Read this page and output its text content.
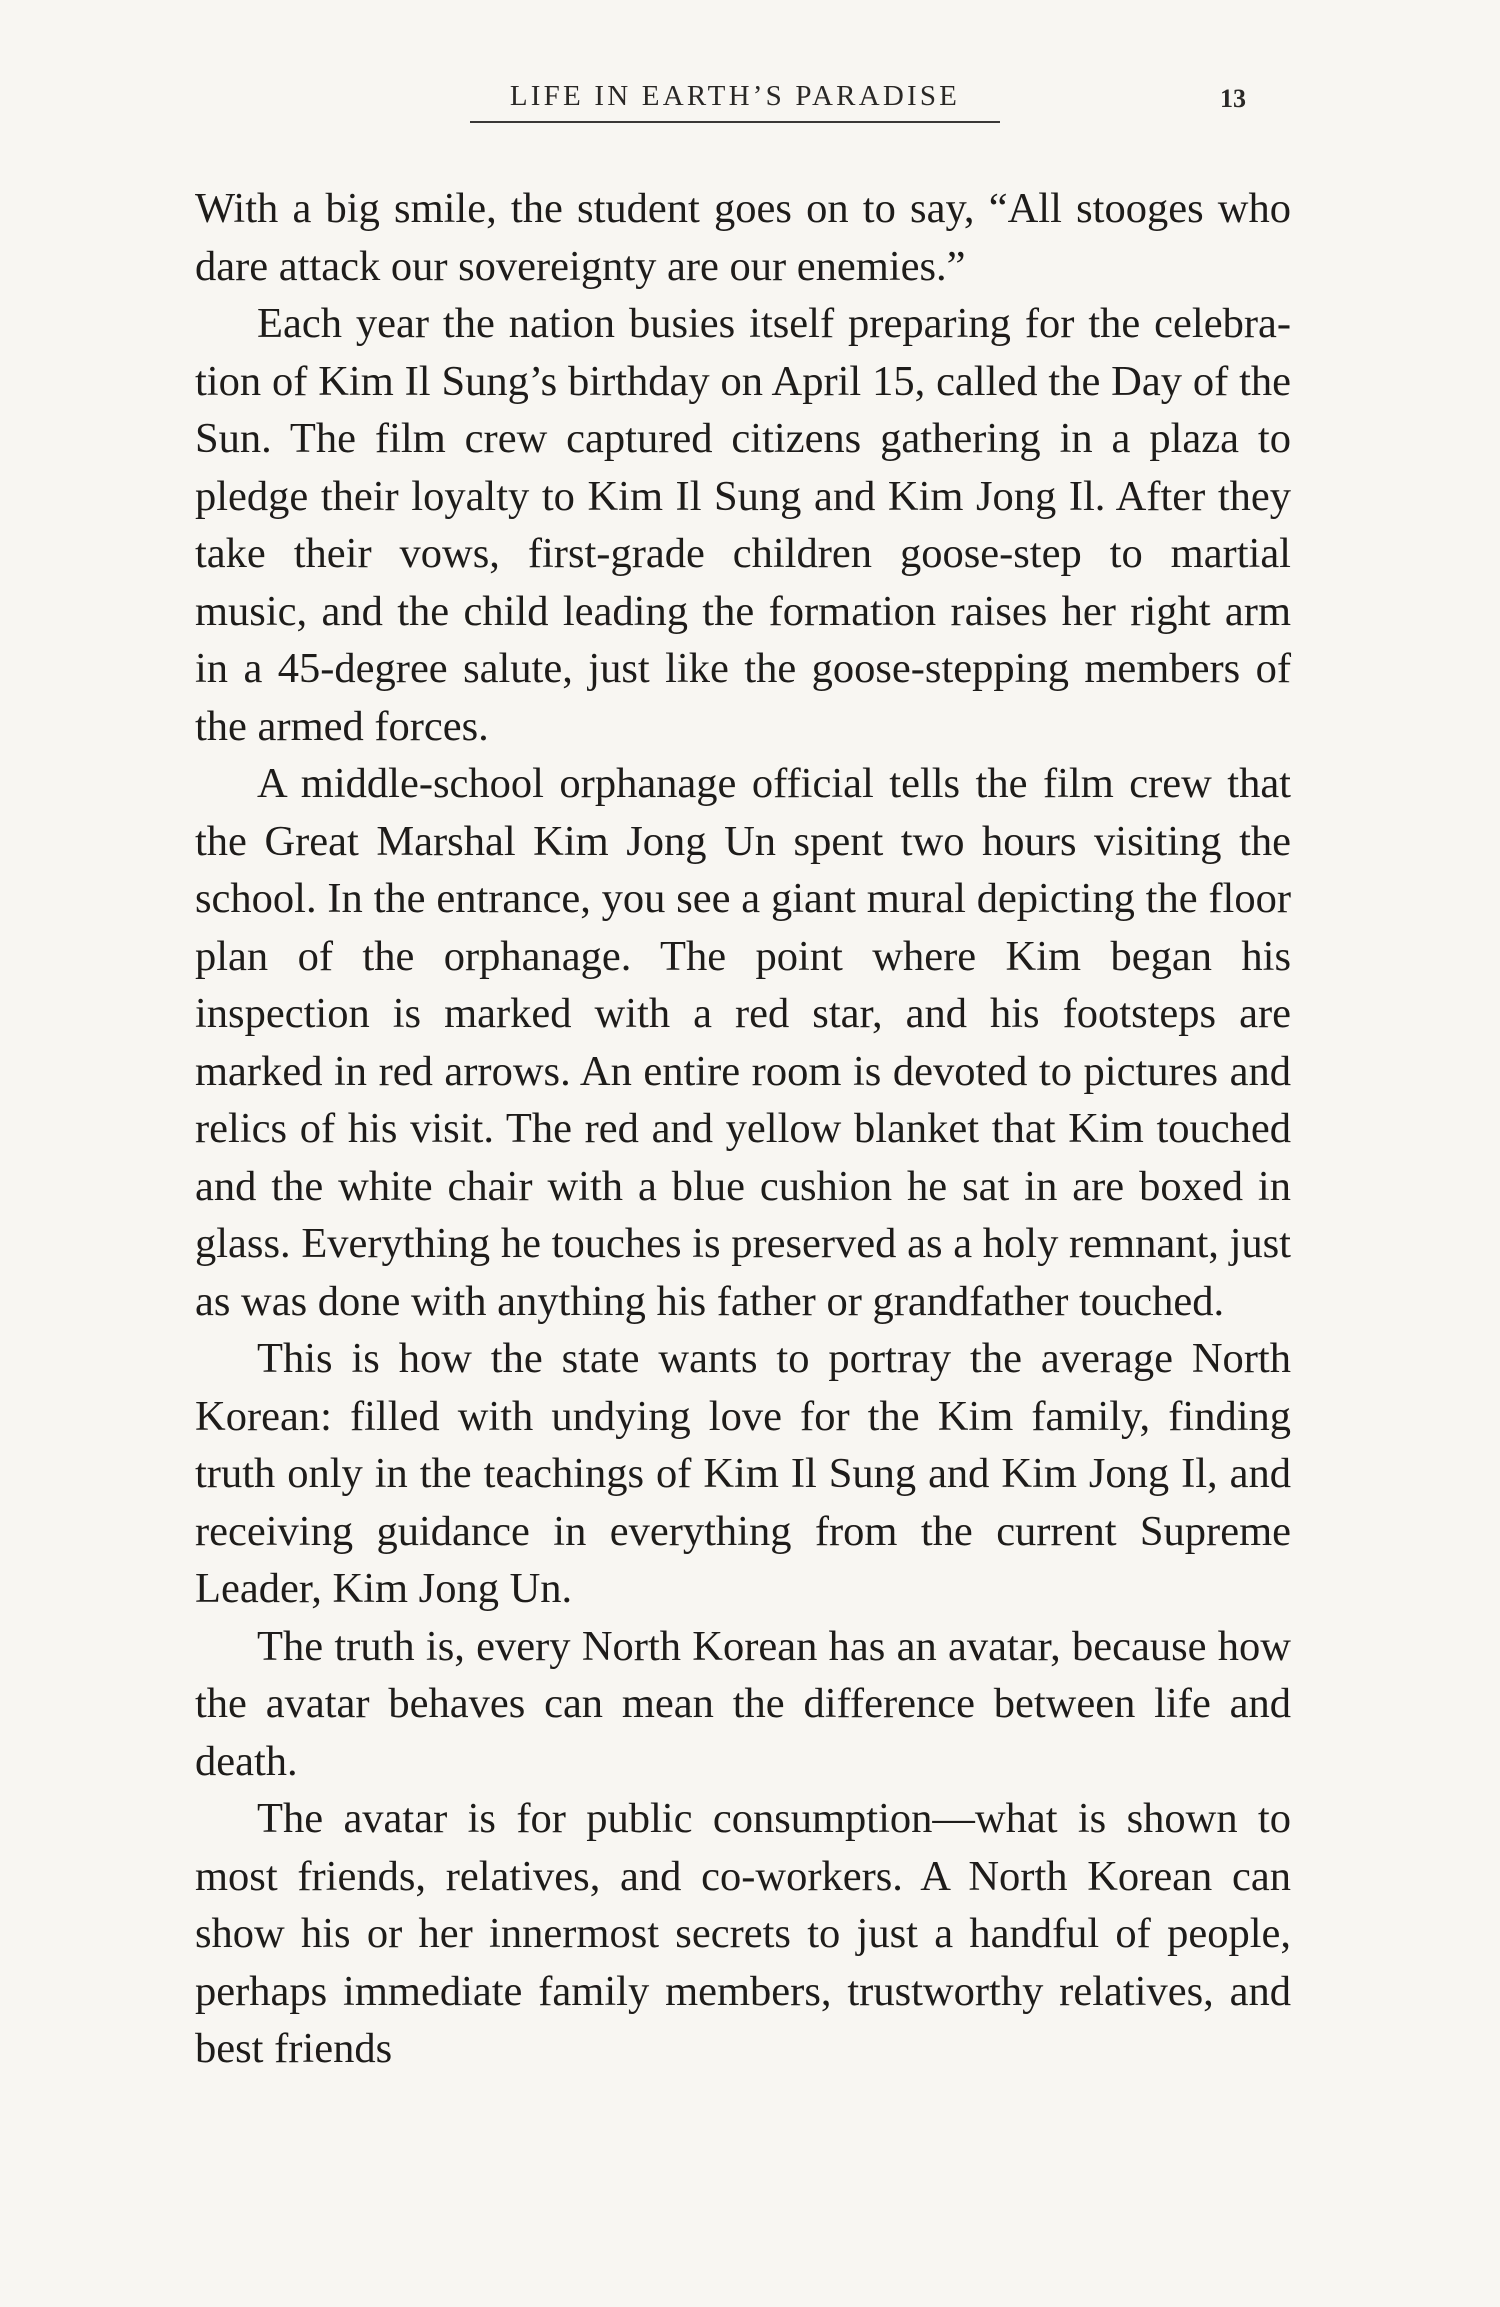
LIFE IN EARTH’S PARADISE	13

With a big smile, the student goes on to say, “All stooges who dare attack our sovereignty are our enemies.”

Each year the nation busies itself preparing for the celebration of Kim Il Sung’s birthday on April 15, called the Day of the Sun. The film crew captured citizens gathering in a plaza to pledge their loyalty to Kim Il Sung and Kim Jong Il. After they take their vows, first-grade children goose-step to martial music, and the child leading the formation raises her right arm in a 45-degree salute, just like the goose-stepping members of the armed forces.

A middle-school orphanage official tells the film crew that the Great Marshal Kim Jong Un spent two hours visiting the school. In the entrance, you see a giant mural depicting the floor plan of the orphanage. The point where Kim began his inspection is marked with a red star, and his footsteps are marked in red arrows. An entire room is devoted to pictures and relics of his visit. The red and yellow blanket that Kim touched and the white chair with a blue cushion he sat in are boxed in glass. Everything he touches is preserved as a holy remnant, just as was done with anything his father or grandfather touched.

This is how the state wants to portray the average North Korean: filled with undying love for the Kim family, finding truth only in the teachings of Kim Il Sung and Kim Jong Il, and receiving guidance in everything from the current Supreme Leader, Kim Jong Un.

The truth is, every North Korean has an avatar, because how the avatar behaves can mean the difference between life and death.

The avatar is for public consumption—what is shown to most friends, relatives, and co-workers. A North Korean can show his or her innermost secrets to just a handful of people, perhaps immediate family members, trustworthy relatives, and best friends
